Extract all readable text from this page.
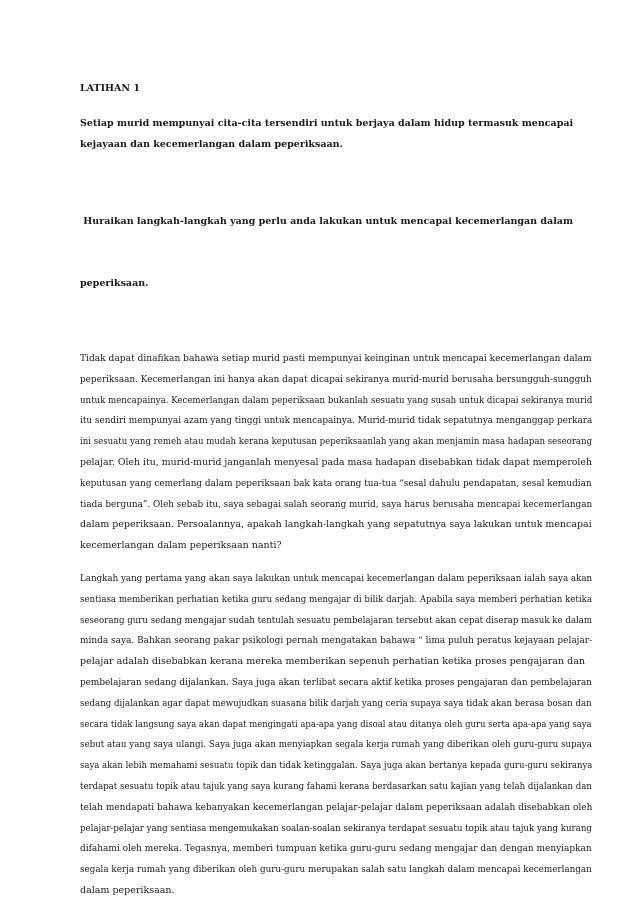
LATIHAN 1

Setiap murid mempunyai cita-cita tersendiri untuk berjaya dalam hidup termasuk mencapai
kejayaan dan kecemerlangan dalam peperiksaan.

Huraikan langkah-langkah yang perlu anda lakukan untuk mencapai kecemerlangan dalam

peperiksaan.

Tidak dapat dinafikan bahawa setiap murid pasti mempunyai keinginan untuk mencapai kecemerlangan dalam
peperiksaan. Kecemerlangan ini hanya akan dapat dicapai sekiranya murid-murid berusaha bersungguh-sungguh
untuk mencapainya. Kecemerlangan dalam peperiksaan bukanlah sesuatu yang susah untuk dicapai sekiranya murid
itu sendiri mempunyai azam yang tinggi untuk mencapainya. Murid-murid tidak sepatutnya menganggap perkara
ini sesuatu yang remeh atau mudah kerana keputusan peperiksaanlah yang akan menjamin masa hadapan seseorang
pelajar. Oleh itu, murid-murid janganlah menyesal pada masa hadapan disebabkan tidak dapat memperoleh
keputusan yang cemerlang dalam peperiksaan bak kata orang tua-tua “sesal dahulu pendapatan, sesal kemudian
tiada berguna”. Oleh sebab itu, saya sebagai salah seorang murid, saya harus berusaha mencapai kecemerlangan
dalam peperiksaan. Persoalannya, apakah langkah-langkah yang sepatutnya saya lakukan untuk mencapai
kecemerlangan dalam peperiksaan nanti?

Langkah yang pertama yang akan saya lakukan untuk mencapai kecemerlangan dalam peperiksaan ialah saya akan
sentiasa memberikan perhatian ketika guru sedang mengajar di bilik darjah. Apabila saya memberi perhatian ketika
seseorang guru sedang mengajar sudah tentulah sesuatu pembelajaran tersebut akan cepat diserap masuk ke dalam
minda saya. Bahkan seorang pakar psikologi pernah mengatakan bahawa “ lima puluh peratus kejayaan pelajar-
pelajar adalah disebabkan kerana mereka memberikan sepenuh perhatian ketika proses pengajaran dan
pembelajaran sedang dijalankan. Saya juga akan terlibat secara aktif ketika proses pengajaran dan pembelajaran
sedang dijalankan agar dapat mewujudkan suasana bilik darjah yang ceria supaya saya tidak akan berasa bosan dan
secara tidak langsung saya akan dapat mengingati apa-apa yang disoal atau ditanya oleh guru serta apa-apa yang saya
sebut atau yang saya ulangi. Saya juga akan menyiapkan segala kerja rumah yang diberikan oleh guru-guru supaya
saya akan lebih memahami sesuatu topik dan tidak ketinggalan. Saya juga akan bertanya kepada guru-guru sekiranya
terdapat sesuatu topik atau tajuk yang saya kurang fahami kerana berdasarkan satu kajian yang telah dijalankan dan
telah mendapati bahawa kebanyakan kecemerlangan pelajar-pelajar dalam peperiksaan adalah disebabkan oleh
pelajar-pelajar yang sentiasa mengemukakan soalan-soalan sekiranya terdapat sesuatu topik atau tajuk yang kurang
difahami oleh mereka. Tegasnya, memberi tumpuan ketika guru-guru sedang mengajar dan dengan menyiapkan
segala kerja rumah yang diberikan oleh guru-guru merupakan salah satu langkah dalam mencapai kecemerlangan
dalam peperiksaan.
